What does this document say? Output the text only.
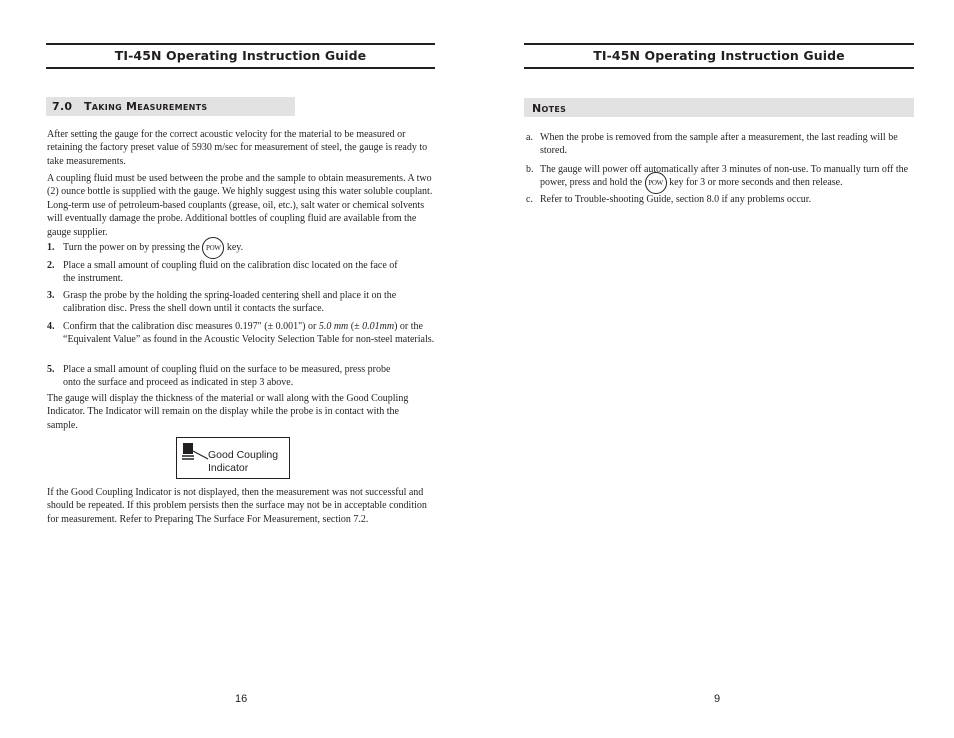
TI-45N Operating Instruction Guide
7.0 Taking Measurements

After setting the gauge for the correct acoustic velocity for the material to be measured or retaining the factory preset value of 5930 m/sec for measurement of steel, the gauge is ready to take measurements.

A coupling fluid must be used between the probe and the sample to obtain measurements. A two (2) ounce bottle is supplied with the gauge. We highly suggest using this water soluble couplant. Long-term use of petroleum-based couplants (grease, oil, etc.), salt water or chemical solvents will eventually damage the probe. Additional bottles of coupling fluid are available from the gauge supplier.

1. Turn the power on by pressing the POW key.
2. Place a small amount of coupling fluid on the calibration disc located on the face of the instrument.
3. Grasp the probe by the holding the spring-loaded centering shell and place it on the calibration disc. Press the shell down until it contacts the surface.
4. Confirm that the calibration disc measures 0.197" (± 0.001") or 5.0 mm (± 0.01mm) or the “Equivalent Value” as found in the Acoustic Velocity Selection Table for non-steel materials.
5. Place a small amount of coupling fluid on the surface to be measured, press probe onto the surface and proceed as indicated in step 3 above.

The gauge will display the thickness of the material or wall along with the Good Coupling Indicator. The Indicator will remain on the display while the probe is in contact with the sample.

Good Coupling Indicator

If the Good Coupling Indicator is not displayed, then the measurement was not successful and should be repeated. If this problem persists then the surface may not be in acceptable condition for measurement. Refer to Preparing The Surface For Measurement, section 7.2.

16
TI-45N Operating Instruction Guide
Notes
a. When the probe is removed from the sample after a measurement, the last reading will be stored.
b. The gauge will power off automatically after 3 minutes of non-use. To manually turn off the power, press and hold the POW key for 3 or more seconds and then release.
c. Refer to Trouble-shooting Guide, section 8.0 if any problems occur.
9
